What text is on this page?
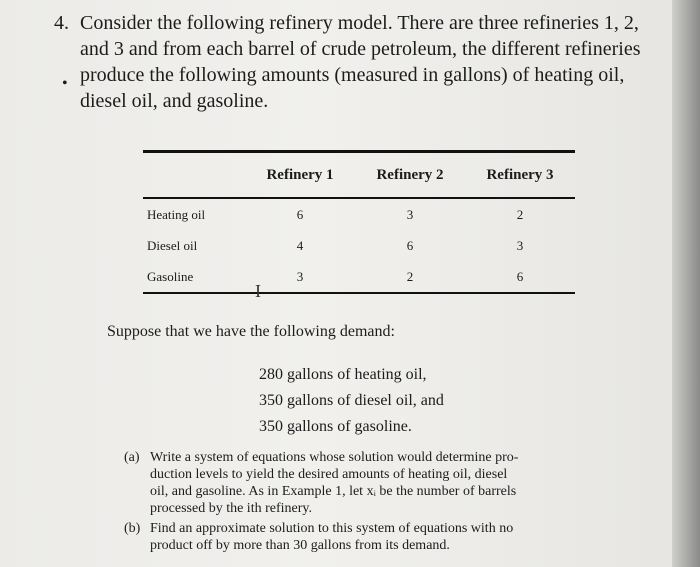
4. Consider the following refinery model. There are three refineries 1, 2,
and 3 and from each barrel of crude petroleum, the different refineries
produce the following amounts (measured in gallons) of heating oil,
diesel oil, and gasoline.
•
	Refinery 1	Refinery 2	Refinery 3
Heating oil	6	3	2
Diesel oil	4	6	3
Gasoline	3	2	6
I
Suppose that we have the following demand:
280 gallons of heating oil,
350 gallons of diesel oil, and
350 gallons of gasoline.
(a) Write a system of equations whose solution would determine pro-
duction levels to yield the desired amounts of heating oil, diesel
oil, and gasoline. As in Example 1, let xᵢ be the number of barrels
processed by the ith refinery.
(b) Find an approximate solution to this system of equations with no
product off by more than 30 gallons from its demand.
